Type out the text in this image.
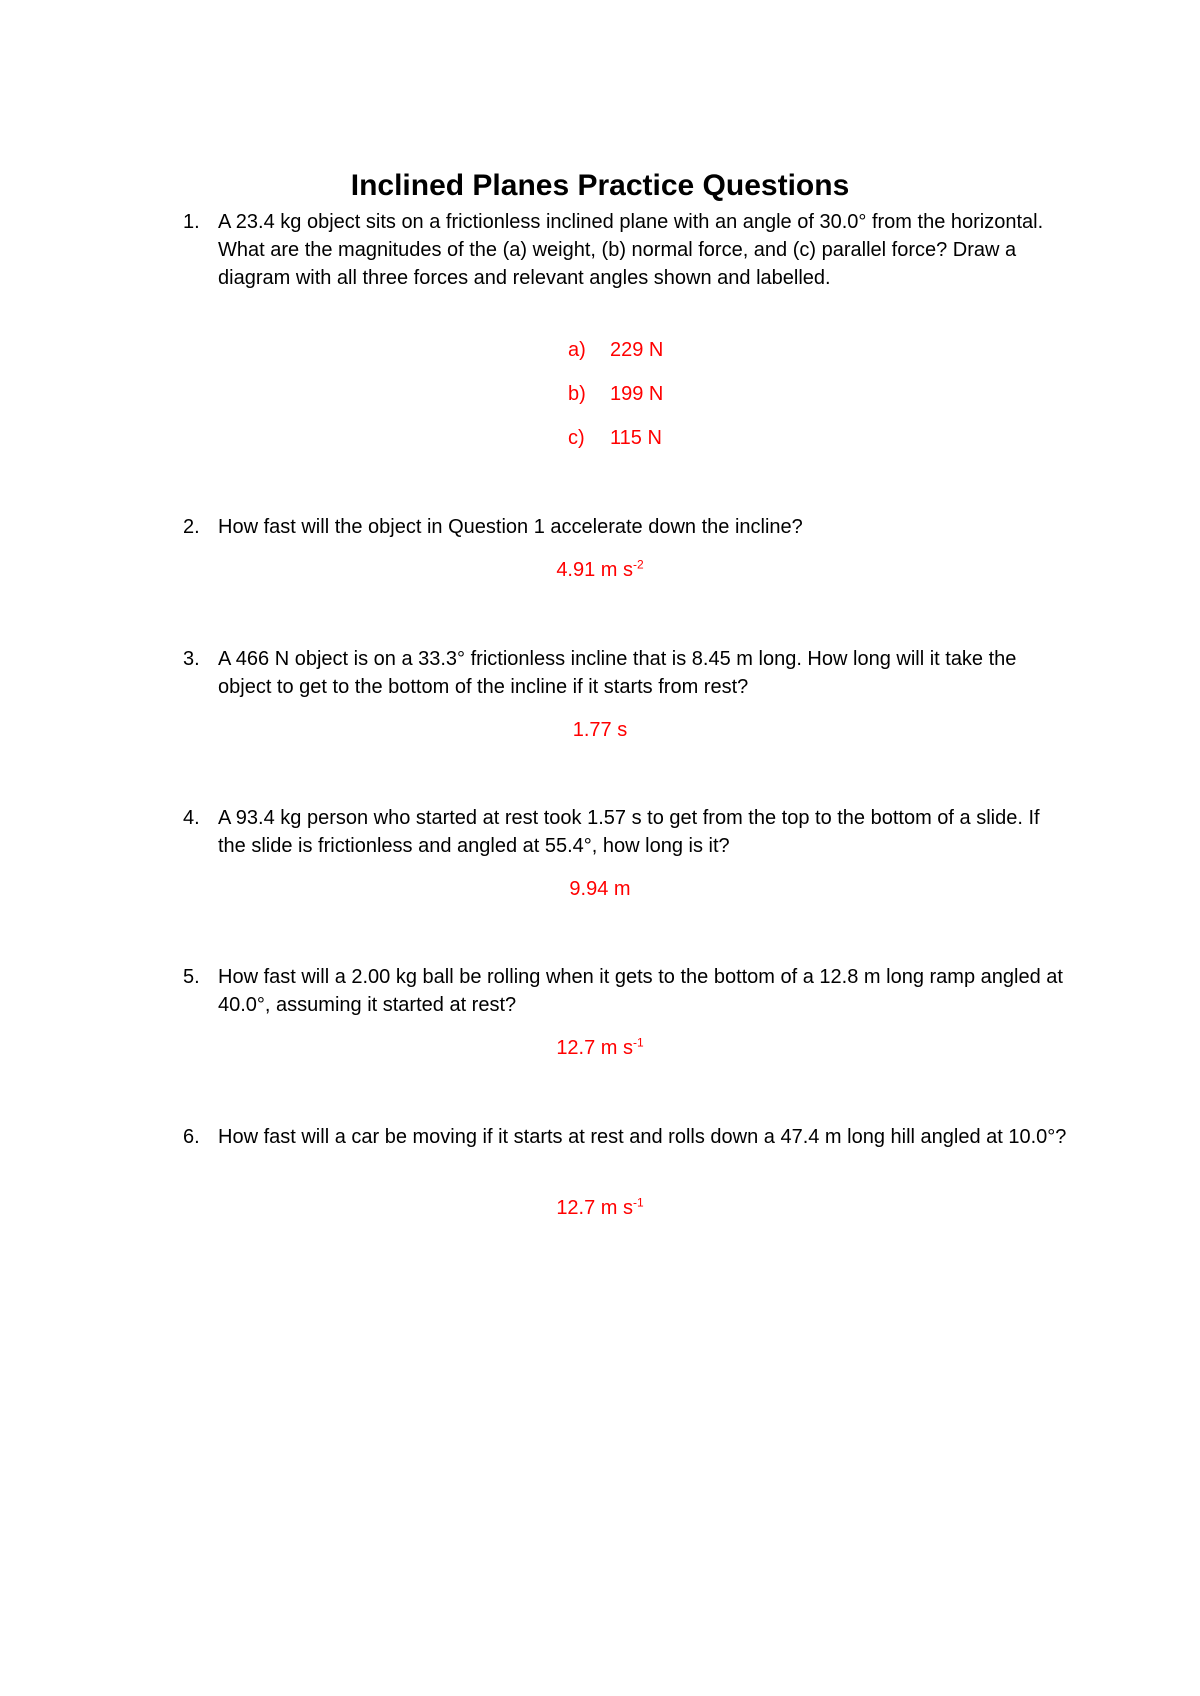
Inclined Planes Practice Questions
1. A 23.4 kg object sits on a frictionless inclined plane with an angle of 30.0° from the horizontal. What are the magnitudes of the (a) weight, (b) normal force, and (c) parallel force? Draw a diagram with all three forces and relevant angles shown and labelled.
a) 229 N
b) 199 N
c) 115 N
2. How fast will the object in Question 1 accelerate down the incline?
4.91 m $s^{-2}$
3. A 466 N object is on a 33.3° frictionless incline that is 8.45 m long. How long will it take the object to get to the bottom of the incline if it starts from rest?
1.77 s
4. A 93.4 kg person who started at rest took 1.57 s to get from the top to the bottom of a slide. If the slide is frictionless and angled at 55.4°, how long is it?
9.94 m
5. How fast will a 2.00 kg ball be rolling when it gets to the bottom of a 12.8 m long ramp angled at 40.0°, assuming it started at rest?
12.7 m $s^{-1}$
6. How fast will a car be moving if it starts at rest and rolls down a 47.4 m long hill angled at 10.0°?
12.7 m $s^{-1}$
